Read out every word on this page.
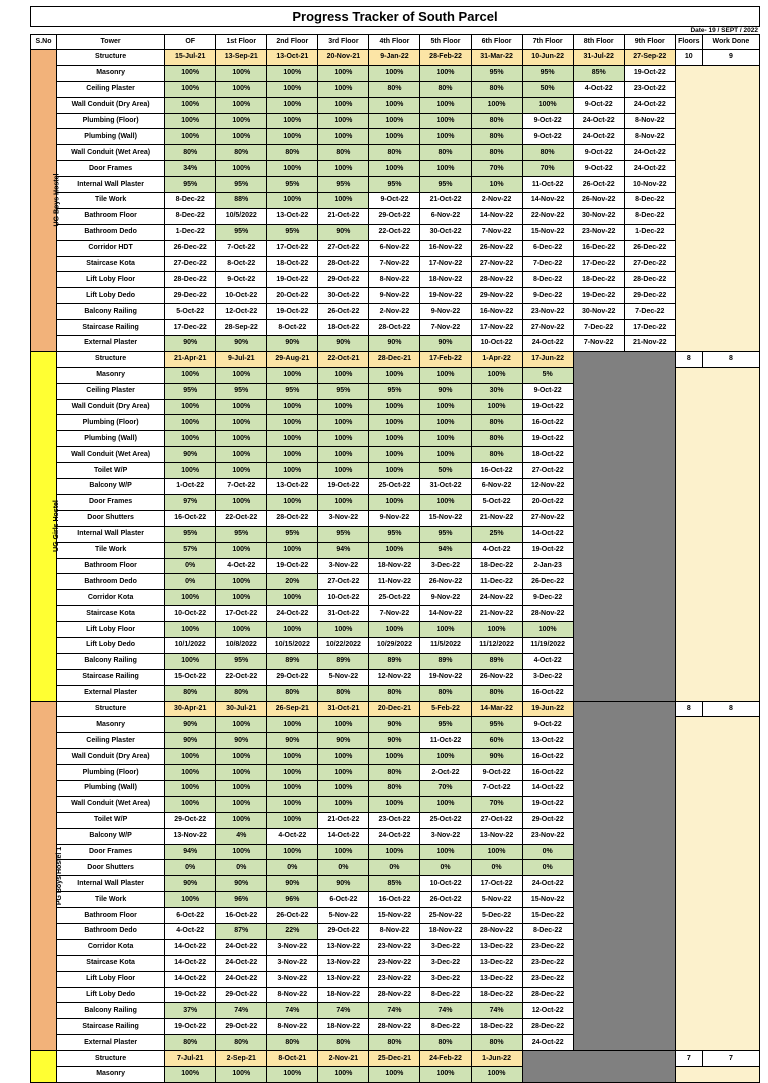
Progress Tracker of South Parcel
Date- 19 / SEPT / 2022
S.No	Tower	OF	1st Floor	2nd Floor	3rd Floor	4th Floor	5th Floor	6th Floor	7th Floor	8th Floor	9th Floor	Floors	Work Done
UG Boys Hostel	Structure	15-Jul-21	13-Sep-21	13-Oct-21	20-Nov-21	9-Jan-22	28-Feb-22	31-Mar-22	10-Jun-22	31-Jul-22	27-Sep-22	10	9
	Masonry	100%	100%	100%	100%	100%	100%	95%	95%	85%	19-Oct-22		
	Ceiling Plaster	100%	100%	100%	100%	80%	80%	80%	50%	4-Oct-22	23-Oct-22		
	Wall Conduit (Dry Area)	100%	100%	100%	100%	100%	100%	100%	100%	9-Oct-22	24-Oct-22		
	Plumbing (Floor)	100%	100%	100%	100%	100%	100%	80%	9-Oct-22	24-Oct-22	8-Nov-22		
	Plumbing (Wall)	100%	100%	100%	100%	100%	100%	80%	9-Oct-22	24-Oct-22	8-Nov-22		
	Wall Conduit (Wet Area)	80%	80%	80%	80%	80%	80%	80%	80%	9-Oct-22	24-Oct-22		
	Door Frames	34%	100%	100%	100%	100%	100%	70%	70%	9-Oct-22	24-Oct-22		
	Internal Wall Plaster	95%	95%	95%	95%	95%	95%	10%	11-Oct-22	26-Oct-22	10-Nov-22		
	Tile Work	8-Dec-22	88%	100%	100%	9-Oct-22	21-Oct-22	2-Nov-22	14-Nov-22	26-Nov-22	8-Dec-22		
	Bathroom Floor	8-Dec-22	10/5/2022	13-Oct-22	21-Oct-22	29-Oct-22	6-Nov-22	14-Nov-22	22-Nov-22	30-Nov-22	8-Dec-22		
	Bathroom Dedo	1-Dec-22	95%	95%	90%	22-Oct-22	30-Oct-22	7-Nov-22	15-Nov-22	23-Nov-22	1-Dec-22		
	Corridor HDT	26-Dec-22	7-Oct-22	17-Oct-22	27-Oct-22	6-Nov-22	16-Nov-22	26-Nov-22	6-Dec-22	16-Dec-22	26-Dec-22		
	Staircase Kota	27-Dec-22	8-Oct-22	18-Oct-22	28-Oct-22	7-Nov-22	17-Nov-22	27-Nov-22	7-Dec-22	17-Dec-22	27-Dec-22		
	Lift Loby Floor	28-Dec-22	9-Oct-22	19-Oct-22	29-Oct-22	8-Nov-22	18-Nov-22	28-Nov-22	8-Dec-22	18-Dec-22	28-Dec-22		
	Lift Loby Dedo	29-Dec-22	10-Oct-22	20-Oct-22	30-Oct-22	9-Nov-22	19-Nov-22	29-Nov-22	9-Dec-22	19-Dec-22	29-Dec-22		
	Balcony Railing	5-Oct-22	12-Oct-22	19-Oct-22	26-Oct-22	2-Nov-22	9-Nov-22	16-Nov-22	23-Nov-22	30-Nov-22	7-Dec-22		
	Staircase Railing	17-Dec-22	28-Sep-22	8-Oct-22	18-Oct-22	28-Oct-22	7-Nov-22	17-Nov-22	27-Nov-22	7-Dec-22	17-Dec-22		
	External Plaster	90%	90%	90%	90%	90%	90%	10-Oct-22	24-Oct-22	7-Nov-22	21-Nov-22		
UG Girls Hostel	Structure	21-Apr-21	9-Jul-21	29-Aug-21	22-Oct-21	28-Dec-21	17-Feb-22	1-Apr-22	17-Jun-22			8	8
	Masonry	100%	100%	100%	100%	100%	100%	100%	5%				
	Ceiling Plaster	95%	95%	95%	95%	95%	90%	30%	9-Oct-22				
	Wall Conduit (Dry Area)	100%	100%	100%	100%	100%	100%	100%	19-Oct-22				
	Plumbing (Floor)	100%	100%	100%	100%	100%	100%	80%	16-Oct-22				
	Plumbing (Wall)	100%	100%	100%	100%	100%	100%	80%	19-Oct-22				
	Wall Conduit (Wet Area)	90%	100%	100%	100%	100%	100%	80%	18-Oct-22				
	Toilet W/P	100%	100%	100%	100%	100%	50%	16-Oct-22	27-Oct-22				
	Balcony W/P	1-Oct-22	7-Oct-22	13-Oct-22	19-Oct-22	25-Oct-22	31-Oct-22	6-Nov-22	12-Nov-22				
	Door Frames	97%	100%	100%	100%	100%	100%	5-Oct-22	20-Oct-22				
	Door Shutters	16-Oct-22	22-Oct-22	28-Oct-22	3-Nov-22	9-Nov-22	15-Nov-22	21-Nov-22	27-Nov-22				
	Internal Wall Plaster	95%	95%	95%	95%	95%	95%	25%	14-Oct-22				
	Tile Work	57%	100%	100%	94%	100%	94%	4-Oct-22	19-Oct-22				
	Bathroom Floor	0%	4-Oct-22	19-Oct-22	3-Nov-22	18-Nov-22	3-Dec-22	18-Dec-22	2-Jan-23				
	Bathroom Dedo	0%	100%	20%	27-Oct-22	11-Nov-22	26-Nov-22	11-Dec-22	26-Dec-22				
	Corridor Kota	100%	100%	100%	10-Oct-22	25-Oct-22	9-Nov-22	24-Nov-22	9-Dec-22				
	Staircase Kota	10-Oct-22	17-Oct-22	24-Oct-22	31-Oct-22	7-Nov-22	14-Nov-22	21-Nov-22	28-Nov-22				
	Lift Loby Floor	100%	100%	100%	100%	100%	100%	100%	100%				
	Lift Loby Dedo	10/1/2022	10/8/2022	10/15/2022	10/22/2022	10/29/2022	11/5/2022	11/12/2022	11/19/2022				
	Balcony Railing	100%	95%	89%	89%	89%	89%	89%	4-Oct-22				
	Staircase Railing	15-Oct-22	22-Oct-22	29-Oct-22	5-Nov-22	12-Nov-22	19-Nov-22	26-Nov-22	3-Dec-22				
	External Plaster	80%	80%	80%	80%	80%	80%	80%	16-Oct-22				
PG Boys Hostel 1	Structure	30-Apr-21	30-Jul-21	26-Sep-21	31-Oct-21	20-Dec-21	5-Feb-22	14-Mar-22	19-Jun-22			8	8
	Masonry	90%	100%	100%	100%	90%	95%	95%	9-Oct-22				
	Ceiling Plaster	90%	90%	90%	90%	90%	11-Oct-22	60%	13-Oct-22				
	Wall Conduit (Dry Area)	100%	100%	100%	100%	100%	100%	90%	16-Oct-22				
	Plumbing (Floor)	100%	100%	100%	100%	80%	2-Oct-22	9-Oct-22	16-Oct-22				
	Plumbing (Wall)	100%	100%	100%	100%	80%	70%	7-Oct-22	14-Oct-22				
	Wall Conduit (Wet Area)	100%	100%	100%	100%	100%	100%	70%	19-Oct-22				
	Toilet W/P	29-Oct-22	100%	100%	21-Oct-22	23-Oct-22	25-Oct-22	27-Oct-22	29-Oct-22				
	Balcony W/P	13-Nov-22	4%	4-Oct-22	14-Oct-22	24-Oct-22	3-Nov-22	13-Nov-22	23-Nov-22				
	Door Frames	94%	100%	100%	100%	100%	100%	100%	0%				
	Door Shutters	0%	0%	0%	0%	0%	0%	0%	0%				
	Internal Wall Plaster	90%	90%	90%	90%	85%	10-Oct-22	17-Oct-22	24-Oct-22				
	Tile Work	100%	96%	96%	6-Oct-22	16-Oct-22	26-Oct-22	5-Nov-22	15-Nov-22				
	Bathroom Floor	6-Oct-22	16-Oct-22	26-Oct-22	5-Nov-22	15-Nov-22	25-Nov-22	5-Dec-22	15-Dec-22				
	Bathroom Dedo	4-Oct-22	87%	22%	29-Oct-22	8-Nov-22	18-Nov-22	28-Nov-22	8-Dec-22				
	Corridor Kota	14-Oct-22	24-Oct-22	3-Nov-22	13-Nov-22	23-Nov-22	3-Dec-22	13-Dec-22	23-Dec-22				
	Staircase Kota	14-Oct-22	24-Oct-22	3-Nov-22	13-Nov-22	23-Nov-22	3-Dec-22	13-Dec-22	23-Dec-22				
	Lift Loby Floor	14-Oct-22	24-Oct-22	3-Nov-22	13-Nov-22	23-Nov-22	3-Dec-22	13-Dec-22	23-Dec-22				
	Lift Loby Dedo	19-Oct-22	29-Oct-22	8-Nov-22	18-Nov-22	28-Nov-22	8-Dec-22	18-Dec-22	28-Dec-22				
	Balcony Railing	37%	74%	74%	74%	74%	74%	74%	12-Oct-22				
	Staircase Railing	19-Oct-22	29-Oct-22	8-Nov-22	18-Nov-22	28-Nov-22	8-Dec-22	18-Dec-22	28-Dec-22				
	External Plaster	80%	80%	80%	80%	80%	80%	80%	24-Oct-22				
	Structure	7-Jul-21	2-Sep-21	8-Oct-21	2-Nov-21	25-Dec-21	24-Feb-22	1-Jun-22				7	7
	Masonry	100%	100%	100%	100%	100%	100%	100%					
